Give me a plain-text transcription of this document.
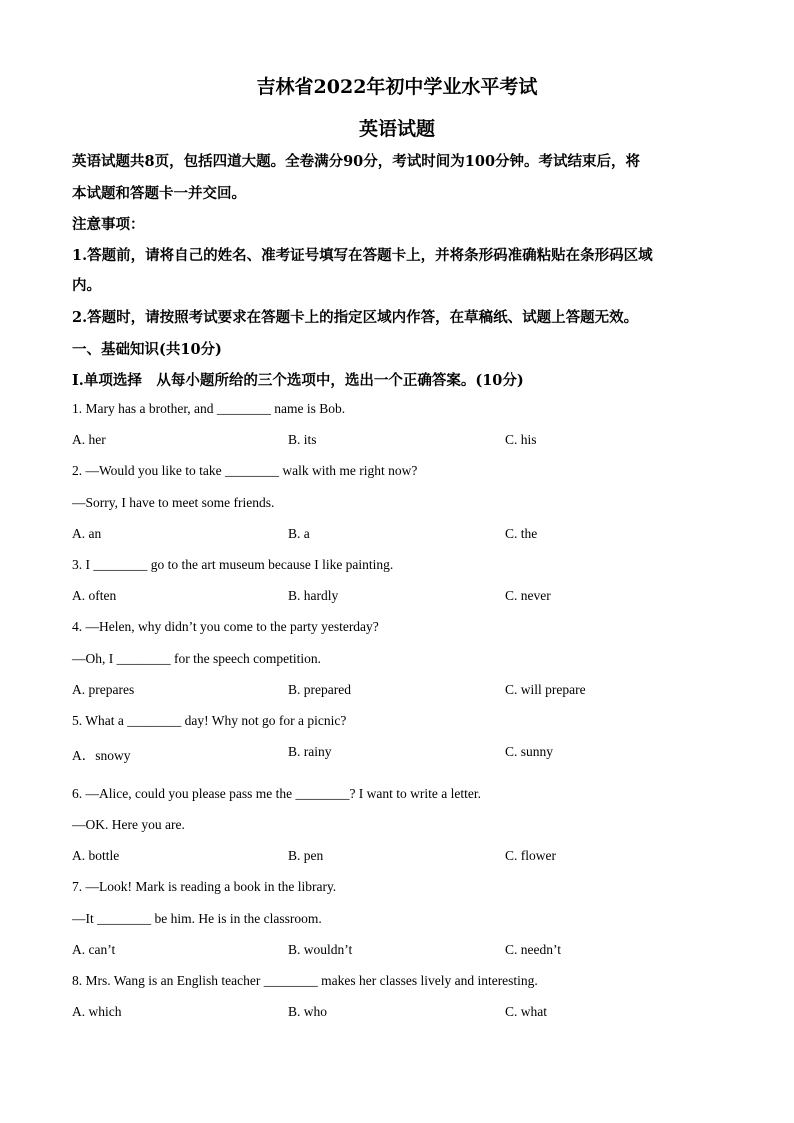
吉林省2022年初中学业水平考试
英语试题
英语试题共8页，包括四道大题。全卷满分90分，考试时间为100分钟。考试结束后，将
本试题和答题卡一并交回。
注意事项：
1.答题前，请将自己的姓名、准考证号填写在答题卡上，并将条形码准确粘贴在条形码区域
内。
2.答题时，请按照考试要求在答题卡上的指定区域内作答，在草稿纸、试题上答题无效。
一、基础知识(共10分)
I.单项选择　从每小题所给的三个选项中，选出一个正确答案。(10分)
1. Mary has a brother, and ________ name is Bob.
A. her	B. its	C. his
2. —Would you like to take ________ walk with me right now?
—Sorry, I have to meet some friends.
A. an	B. a	C. the
3. I ________ go to the art museum because I like painting.
A. often	B. hardly	C. never
4. —Helen, why didn’t you come to the party yesterday?
—Oh, I ________ for the speech competition.
A. prepares	B. prepared	C. will prepare
5. What a ________ day! Why not go for a picnic?
A．snowy	B. rainy	C. sunny
6. —Alice, could you please pass me the ________? I want to write a letter.
—OK. Here you are.
A. bottle	B. pen	C. flower
7. —Look! Mark is reading a book in the library.
—It ________ be him. He is in the classroom.
A. can’t	B. wouldn’t	C. needn’t
8. Mrs. Wang is an English teacher ________ makes her classes lively and interesting.
A. which	B. who	C. what
